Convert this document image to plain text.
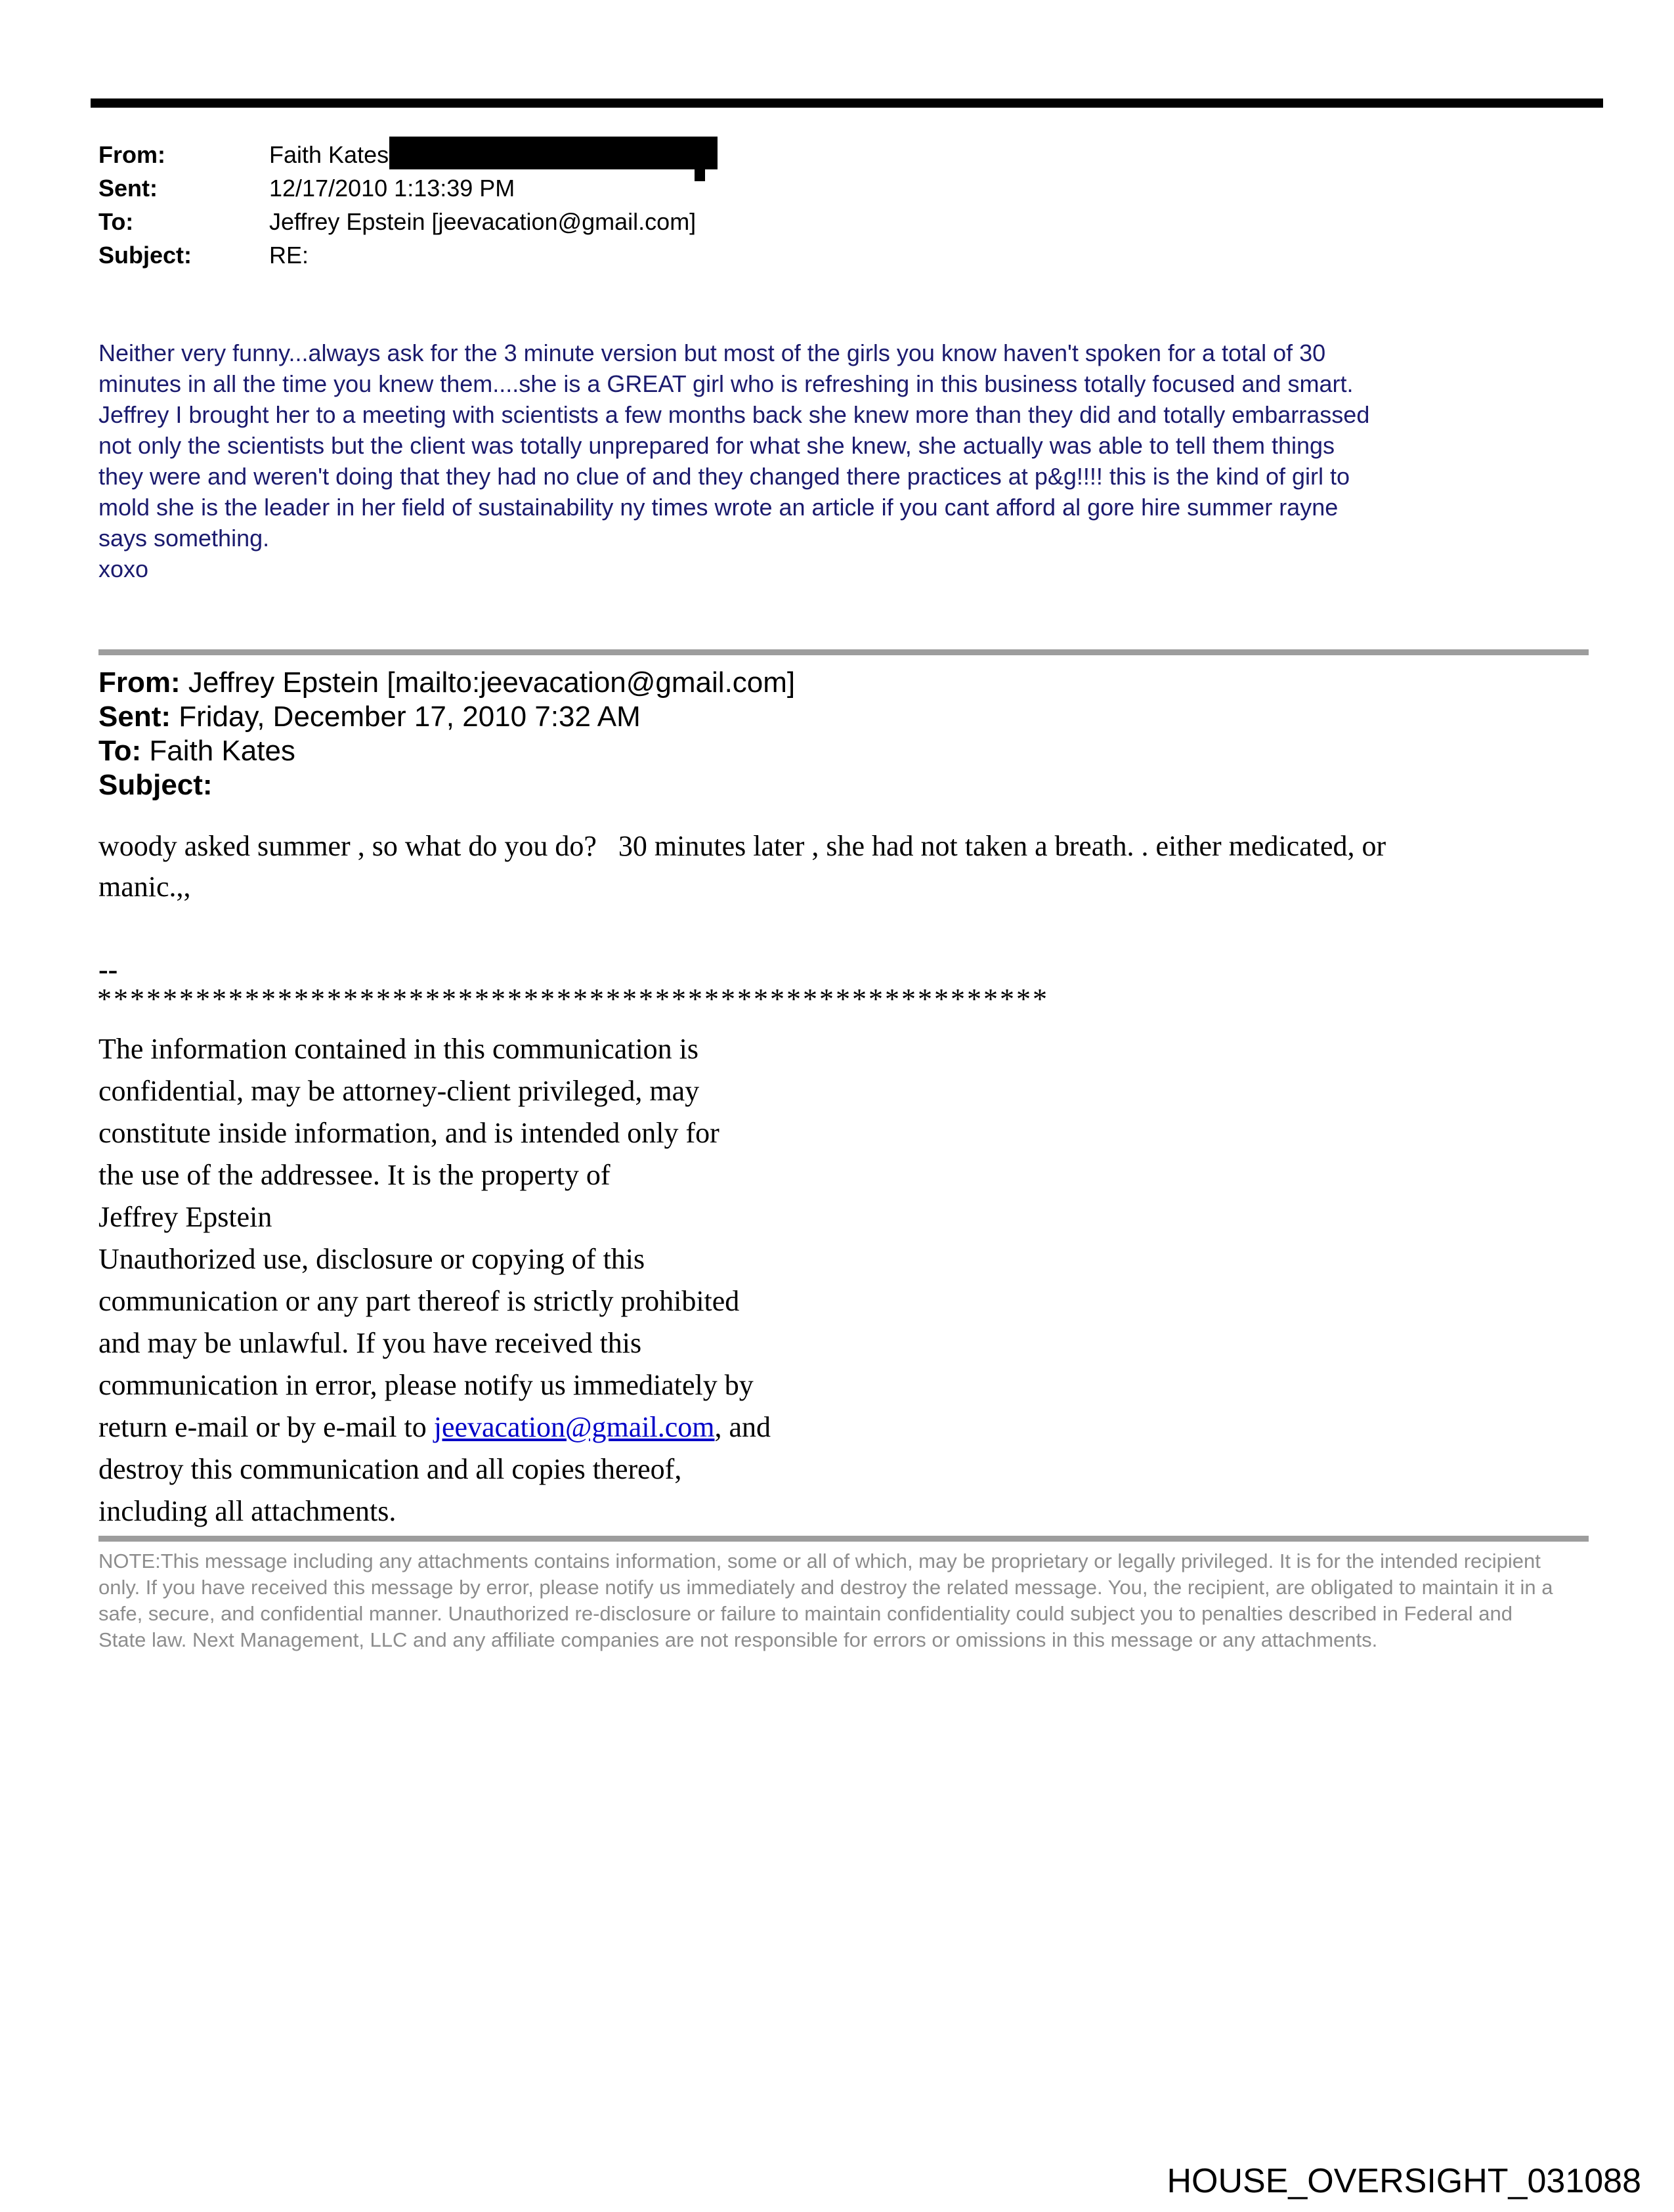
From:	Faith Kates
Sent:	12/17/2010 1:13:39 PM
To:	Jeffrey Epstein [jeevacation@gmail.com]
Subject:	RE:
Neither very funny...always ask for the 3 minute version but most of the girls you know haven't spoken for a total of 30
minutes in all the time you knew them....she is a GREAT girl who is refreshing in this business totally focused and smart.
Jeffrey I brought her to a meeting with scientists a few months back she knew more than they did and totally embarrassed
not only the scientists but the client was totally unprepared for what she knew, she actually was able to tell them things
they were and weren't doing that they had no clue of and they changed there practices at p&g!!!! this is the kind of girl to
mold she is the leader in her field of sustainability ny times wrote an article if you cant afford al gore hire summer rayne
says something.
xoxo
From: Jeffrey Epstein [mailto:jeevacation@gmail.com]
Sent: Friday, December 17, 2010 7:32 AM
To: Faith Kates
Subject:
woody asked summer , so what do you do?   30 minutes later , she had not taken a breath. . either medicated, or
manic.,,
--
**********************************************************
The information contained in this communication is
confidential, may be attorney-client privileged, may
constitute inside information, and is intended only for
the use of the addressee. It is the property of
Jeffrey Epstein
Unauthorized use, disclosure or copying of this
communication or any part thereof is strictly prohibited
and may be unlawful. If you have received this
communication in error, please notify us immediately by
return e-mail or by e-mail to jeevacation@gmail.com, and
destroy this communication and all copies thereof,
including all attachments.
NOTE:This message including any attachments contains information, some or all of which, may be proprietary or legally privileged. It is for the intended recipient
only. If you have received this message by error, please notify us immediately and destroy the related message. You, the recipient, are obligated to maintain it in a
safe, secure, and confidential manner. Unauthorized re-disclosure or failure to maintain confidentiality could subject you to penalties described in Federal and
State law. Next Management, LLC and any affiliate companies are not responsible for errors or omissions in this message or any attachments.
HOUSE_OVERSIGHT_031088
